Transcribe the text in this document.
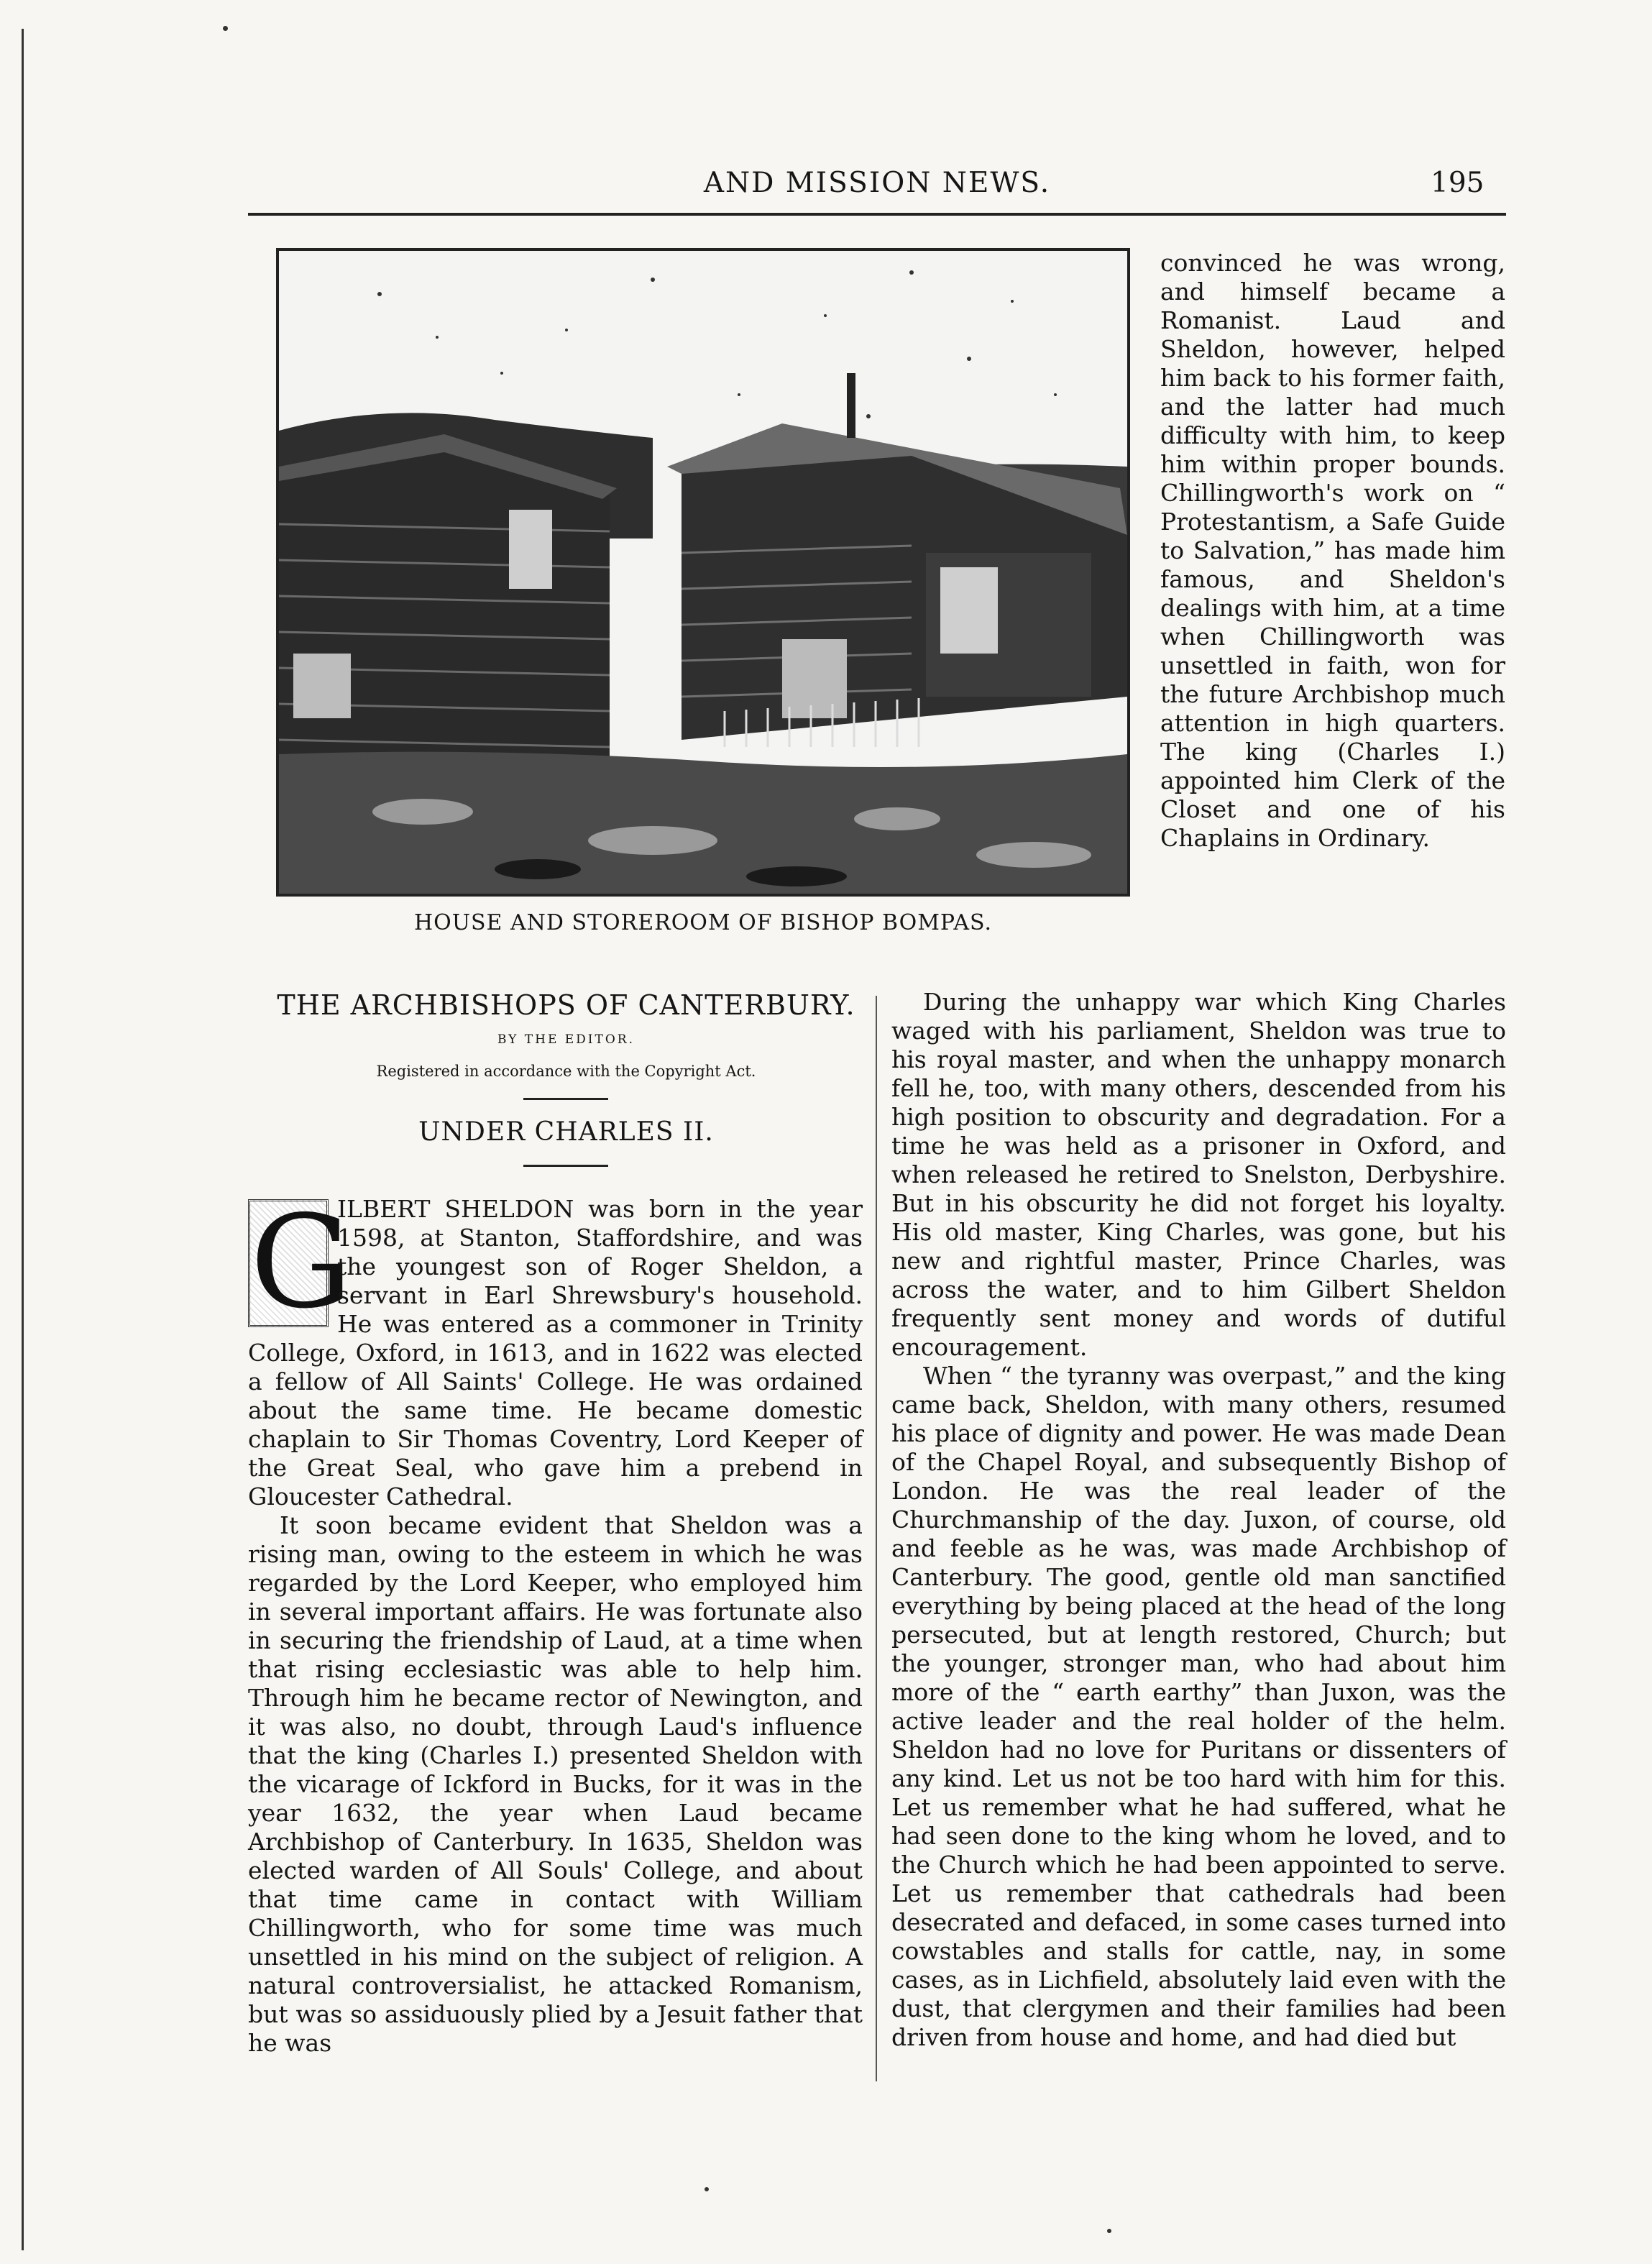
AND MISSION NEWS.	195
HOUSE AND STOREROOM OF BISHOP BOMPAS.

convinced he was wrong, and himself became a Romanist. Laud and Sheldon, however, helped him back to his former faith, and the latter had much difficulty with him, to keep him within proper bounds. Chillingworth's work on “ Protestantism, a Safe Guide to Salvation,” has made him famous, and Sheldon's dealings with him, at a time when Chillingworth was unsettled in faith, won for the future Archbishop much attention in high quarters. The king (Charles I.) appointed him Clerk of the Closet and one of his Chaplains in Ordinary.

THE ARCHBISHOPS OF CANTERBURY.
BY THE EDITOR.
Registered in accordance with the Copyright Act.
UNDER CHARLES II.

G
ILBERT SHELDON was born in the year 1598, at Stanton, Staffordshire, and was the youngest son of Roger Sheldon, a servant in Earl Shrewsbury's household. He was entered as a commoner in Trinity College, Oxford, in 1613, and in 1622 was elected a fellow of All Saints' College. He was ordained about the same time. He became domestic chaplain to Sir Thomas Coventry, Lord Keeper of the Great Seal, who gave him a prebend in Gloucester Cathedral.

It soon became evident that Sheldon was a rising man, owing to the esteem in which he was regarded by the Lord Keeper, who employed him in several important affairs. He was fortunate also in securing the friendship of Laud, at a time when that rising ecclesiastic was able to help him. Through him he became rector of Newington, and it was also, no doubt, through Laud's influence that the king (Charles I.) presented Sheldon with the vicarage of Ickford in Bucks, for it was in the year 1632, the year when Laud became Archbishop of Canterbury. In 1635, Sheldon was elected warden of All Souls' College, and about that time came in contact with William Chillingworth, who for some time was much unsettled in his mind on the subject of religion. A natural controversialist, he attacked Romanism, but was so assiduously plied by a Jesuit father that he was

During the unhappy war which King Charles waged with his parliament, Sheldon was true to his royal master, and when the unhappy monarch fell he, too, with many others, descended from his high position to obscurity and degradation. For a time he was held as a prisoner in Oxford, and when released he retired to Snelston, Derbyshire. But in his obscurity he did not forget his loyalty. His old master, King Charles, was gone, but his new and rightful master, Prince Charles, was across the water, and to him Gilbert Sheldon frequently sent money and words of dutiful encouragement.

When “ the tyranny was overpast,” and the king came back, Sheldon, with many others, resumed his place of dignity and power. He was made Dean of the Chapel Royal, and subsequently Bishop of London. He was the real leader of the Churchmanship of the day. Juxon, of course, old and feeble as he was, was made Archbishop of Canterbury. The good, gentle old man sanctified everything by being placed at the head of the long persecuted, but at length restored, Church; but the younger, stronger man, who had about him more of the “ earth earthy” than Juxon, was the active leader and the real holder of the helm. Sheldon had no love for Puritans or dissenters of any kind. Let us not be too hard with him for this. Let us remember what he had suffered, what he had seen done to the king whom he loved, and to the Church which he had been appointed to serve. Let us remember that cathedrals had been desecrated and defaced, in some cases turned into cowstables and stalls for cattle, nay, in some cases, as in Lichfield, absolutely laid even with the dust, that clergymen and their families had been driven from house and home, and had died but
